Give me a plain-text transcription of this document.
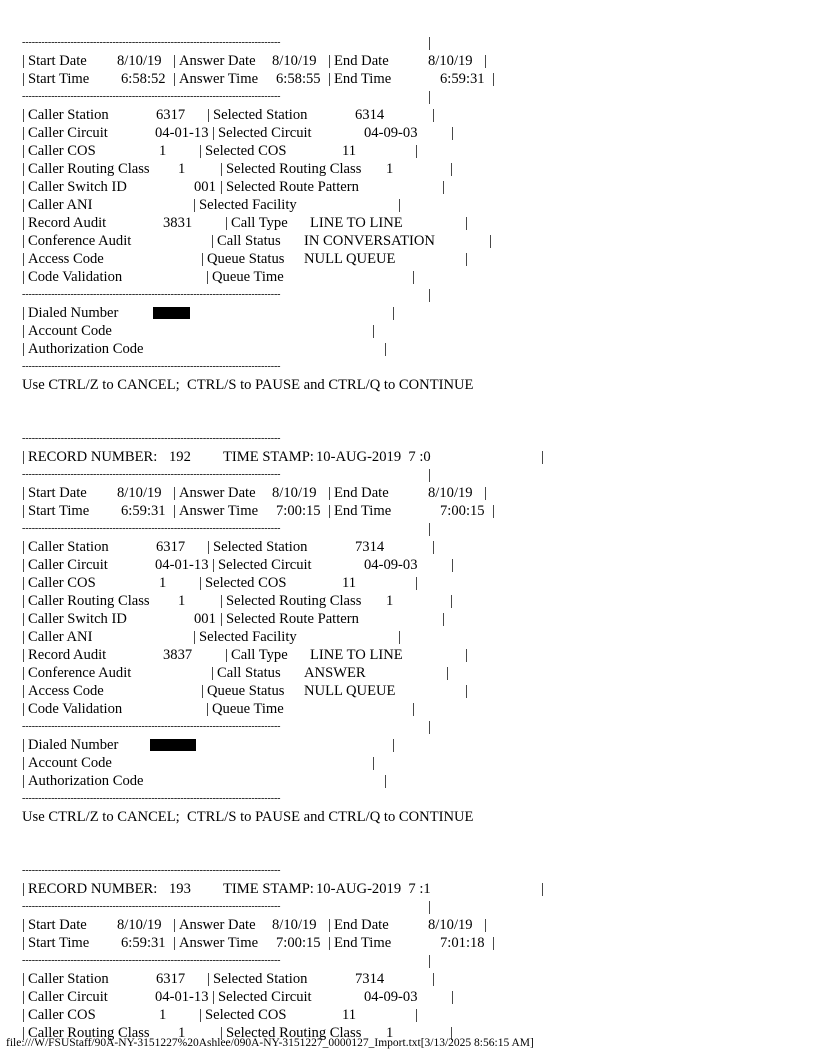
--------------------------------------------------------------------------------	|
| Start Date 8/10/19 | Answer Date 8/10/19 | End Date	8/10/19 |
| Start Time 6:58:52 | Answer Time 6:58:55 | End Time	6:59:31 |
--------------------------------------------------------------------------------	|
| Caller Station	6317 | Selected Station	6314	|
| Caller Circuit	04-01-13 | Selected Circuit	04-09-03 |
| Caller COS	1 | Selected COS	11	|
| Caller Routing Class 1 | Selected Routing Class 1	|
| Caller Switch ID	001 | Selected Route Pattern	|
| Caller ANI	| Selected Facility	|
| Record Audit	3831 | Call Type LINE TO LINE	|
| Conference Audit	| Call Status IN CONVERSATION	|
| Access Code	| Queue Status NULL QUEUE	|
| Code Validation	| Queue Time	|
--------------------------------------------------------------------------------	|
| Dialed Number	|
| Account Code	|
| Authorization Code	|
--------------------------------------------------------------------------------
Use CTRL/Z to CANCEL;  CTRL/S to PAUSE and CTRL/Q to CONTINUE
--------------------------------------------------------------------------------
| RECORD NUMBER: 192 TIME STAMP: 10-AUG-2019  7 :0	|
--------------------------------------------------------------------------------	|
| Start Date 8/10/19 | Answer Date 8/10/19 | End Date	8/10/19 |
| Start Time 6:59:31 | Answer Time 7:00:15 | End Time	7:00:15 |
--------------------------------------------------------------------------------	|
| Caller Station	6317 | Selected Station	7314	|
| Caller Circuit	04-01-13 | Selected Circuit	04-09-03 |
| Caller COS	1 | Selected COS	11	|
| Caller Routing Class 1 | Selected Routing Class 1	|
| Caller Switch ID	001 | Selected Route Pattern	|
| Caller ANI	| Selected Facility	|
| Record Audit	3837 | Call Type LINE TO LINE	|
| Conference Audit	| Call Status ANSWER	|
| Access Code	| Queue Status NULL QUEUE	|
| Code Validation	| Queue Time	|
--------------------------------------------------------------------------------	|
| Dialed Number	|
| Account Code	|
| Authorization Code	|
--------------------------------------------------------------------------------
Use CTRL/Z to CANCEL;  CTRL/S to PAUSE and CTRL/Q to CONTINUE
--------------------------------------------------------------------------------
| RECORD NUMBER: 193 TIME STAMP: 10-AUG-2019  7 :1	|
--------------------------------------------------------------------------------	|
| Start Date 8/10/19 | Answer Date 8/10/19 | End Date	8/10/19 |
| Start Time 6:59:31 | Answer Time 7:00:15 | End Time	7:01:18 |
--------------------------------------------------------------------------------	|
| Caller Station	6317 | Selected Station	7314	|
| Caller Circuit	04-01-13 | Selected Circuit	04-09-03 |
| Caller COS	1 | Selected COS	11	|
| Caller Routing Class 1 | Selected Routing Class 1	|
file:///W/FSUStaff/90A-NY-3151227%20Ashlee/090A-NY-3151227_0000127_Import.txt[3/13/2025 8:56:15 AM]
